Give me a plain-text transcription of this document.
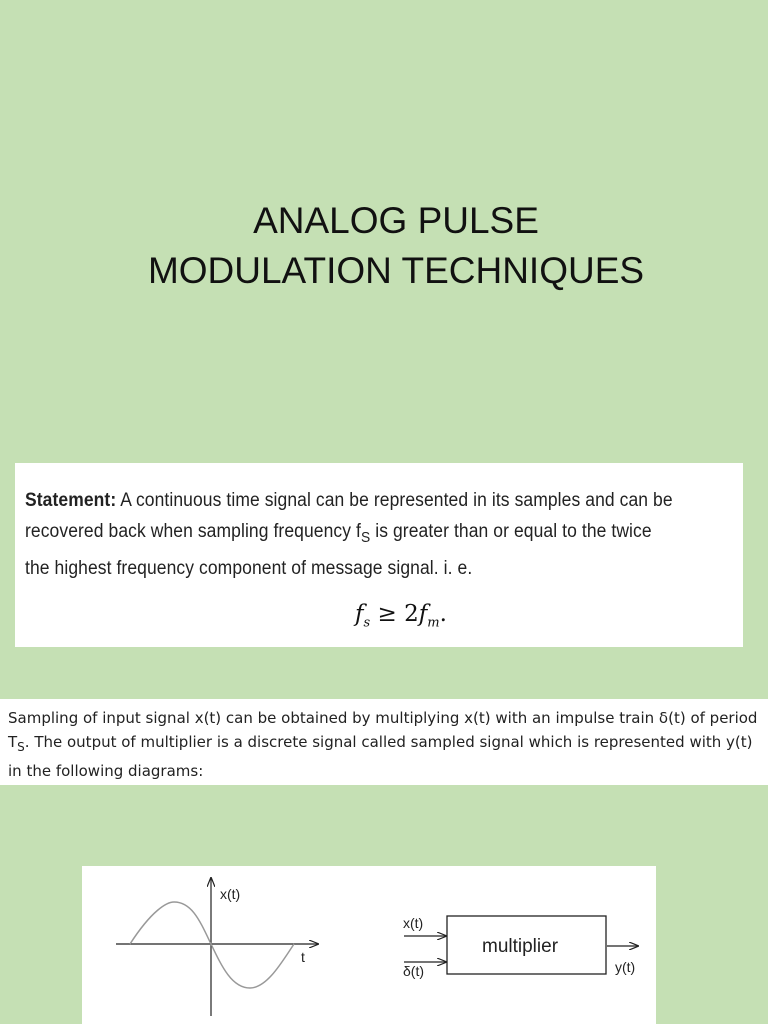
ANALOG PULSE
MODULATION TECHNIQUES
Statement: A continuous time signal can be represented in its samples and can be recovered back when sampling frequency $f_S$ is greater than or equal to the twice the highest frequency component of message signal. i. e.
$f_s \ge 2f_m$.
Sampling of input signal x(t) can be obtained by multiplying x(t) with an impulse train δ(t) of period $T_S$. The output of multiplier is a discrete signal called sampled signal which is represented with y(t) in the following diagrams:
x(t)
t
x(t)
δ(t)
multiplier
y(t)
